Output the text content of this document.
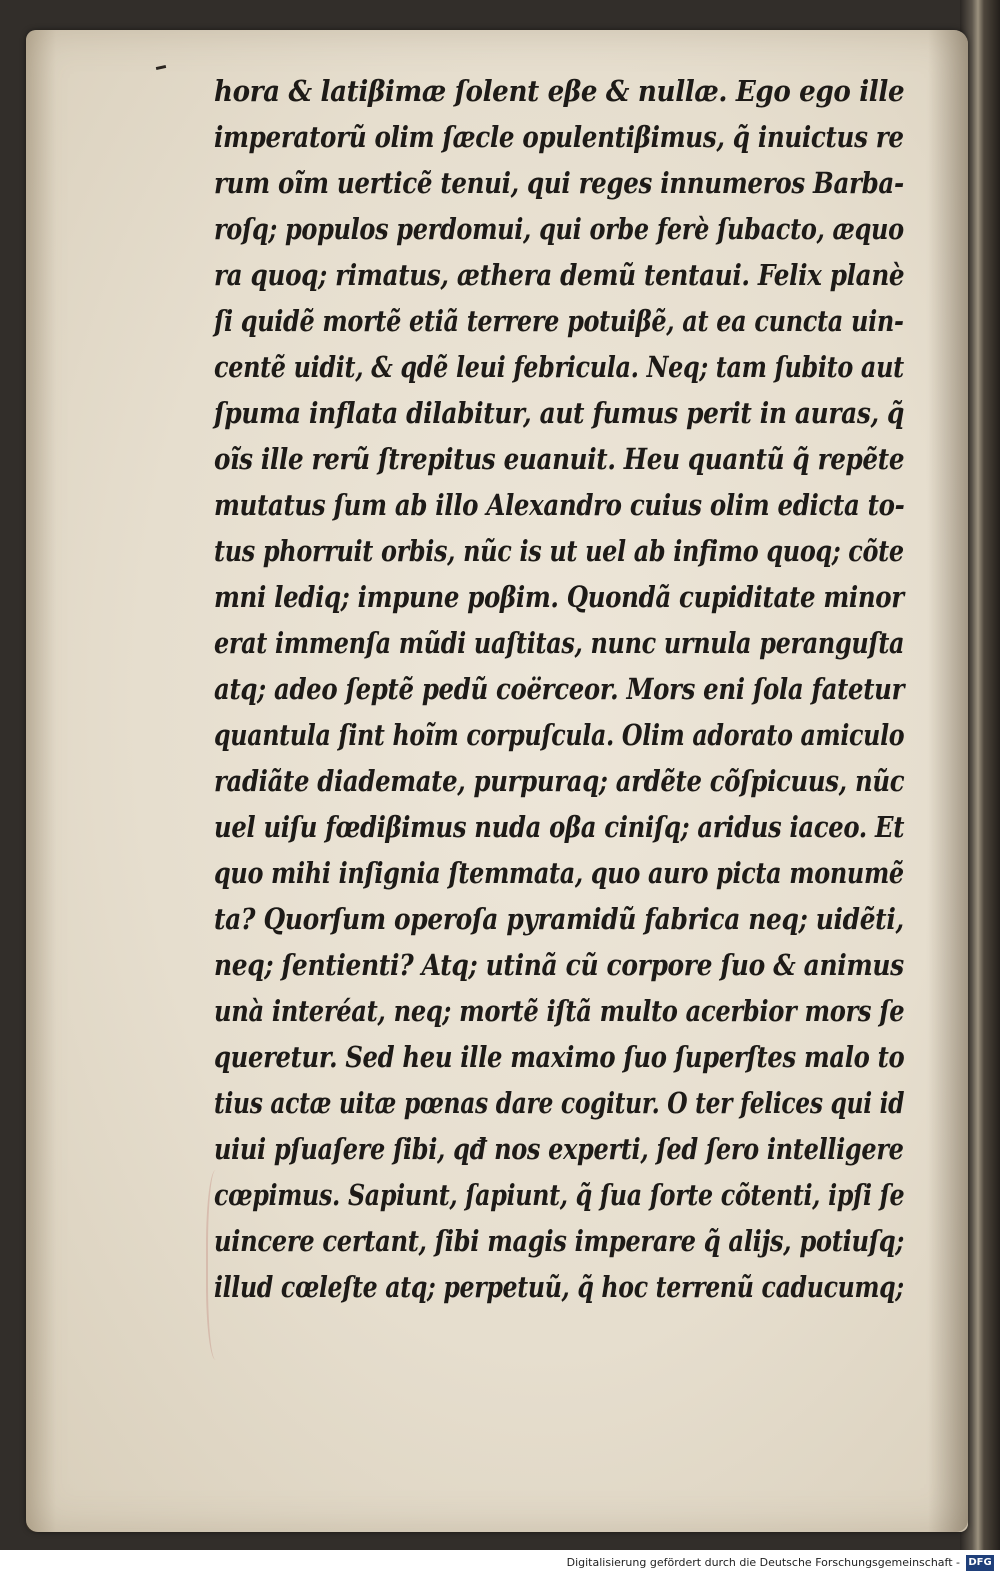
hora & latiβimæ ſolent eβe & nullæ. Ego ego ille
imperatorũ olim ſæcle opulentiβimus, q̃ inuictus re
rum oĩm uerticẽ tenui, qui reges innumeros Barba-
roſq; populos perdomui, qui orbe ferè ſubacto, æquo
ra quoq; rimatus, æthera demũ tentaui. Felix planè
ſi quidẽ mortẽ etiã terrere potuiβẽ, at ea cuncta uin-
centẽ uidit, & qdẽ leui febricula. Neq; tam ſubito aut
ſpuma inflata dilabitur, aut fumus perit in auras, q̃
oĩs ille rerũ ſtrepitus euanuit. Heu quantũ q̃ repẽte
mutatus ſum ab illo Alexandro cuius olim edicta to-
tus phorruit orbis, nũc is ut uel ab infimo quoq; cõte
mni lediq; impune poβim. Quondã cupiditate minor
erat immenſa mũdi uaſtitas, nunc urnula peranguſta
atq; adeo ſeptẽ pedũ coërceor. Mors eni ſola fatetur
quantula ſint hoĩm corpuſcula. Olim adorato amiculo
radiãte diademate, purpuraq; ardẽte cõſpicuus, nũc
uel uiſu fœdiβimus nuda oβa ciniſq; aridus iaceo. Et
quo mihi inſignia ſtemmata, quo auro picta monumẽ
ta? Quorſum operoſa pyramidũ fabrica neq; uidẽti,
neq; ſentienti? Atq; utinã cũ corpore ſuo & animus
unà interéat, neq; mortẽ iſtã multo acerbior mors ſe
queretur. Sed heu ille maximo ſuo ſuperſtes malo to
tius actæ uitæ pœnas dare cogitur. O ter felices qui id
uiui pſuaſere ſibi, qđ nos experti, ſed ſero intelligere
cœpimus. Sapiunt, ſapiunt, q̃ ſua ſorte cõtenti, ipſi ſe
uincere certant, ſibi magis imperare q̃ alijs, potiuſq;
illud cœleſte atq; perpetuũ, q̃ hoc terrenũ caducumq;
Digitalisierung gefördert durch die Deutsche Forschungsgemeinschaft - DFG
